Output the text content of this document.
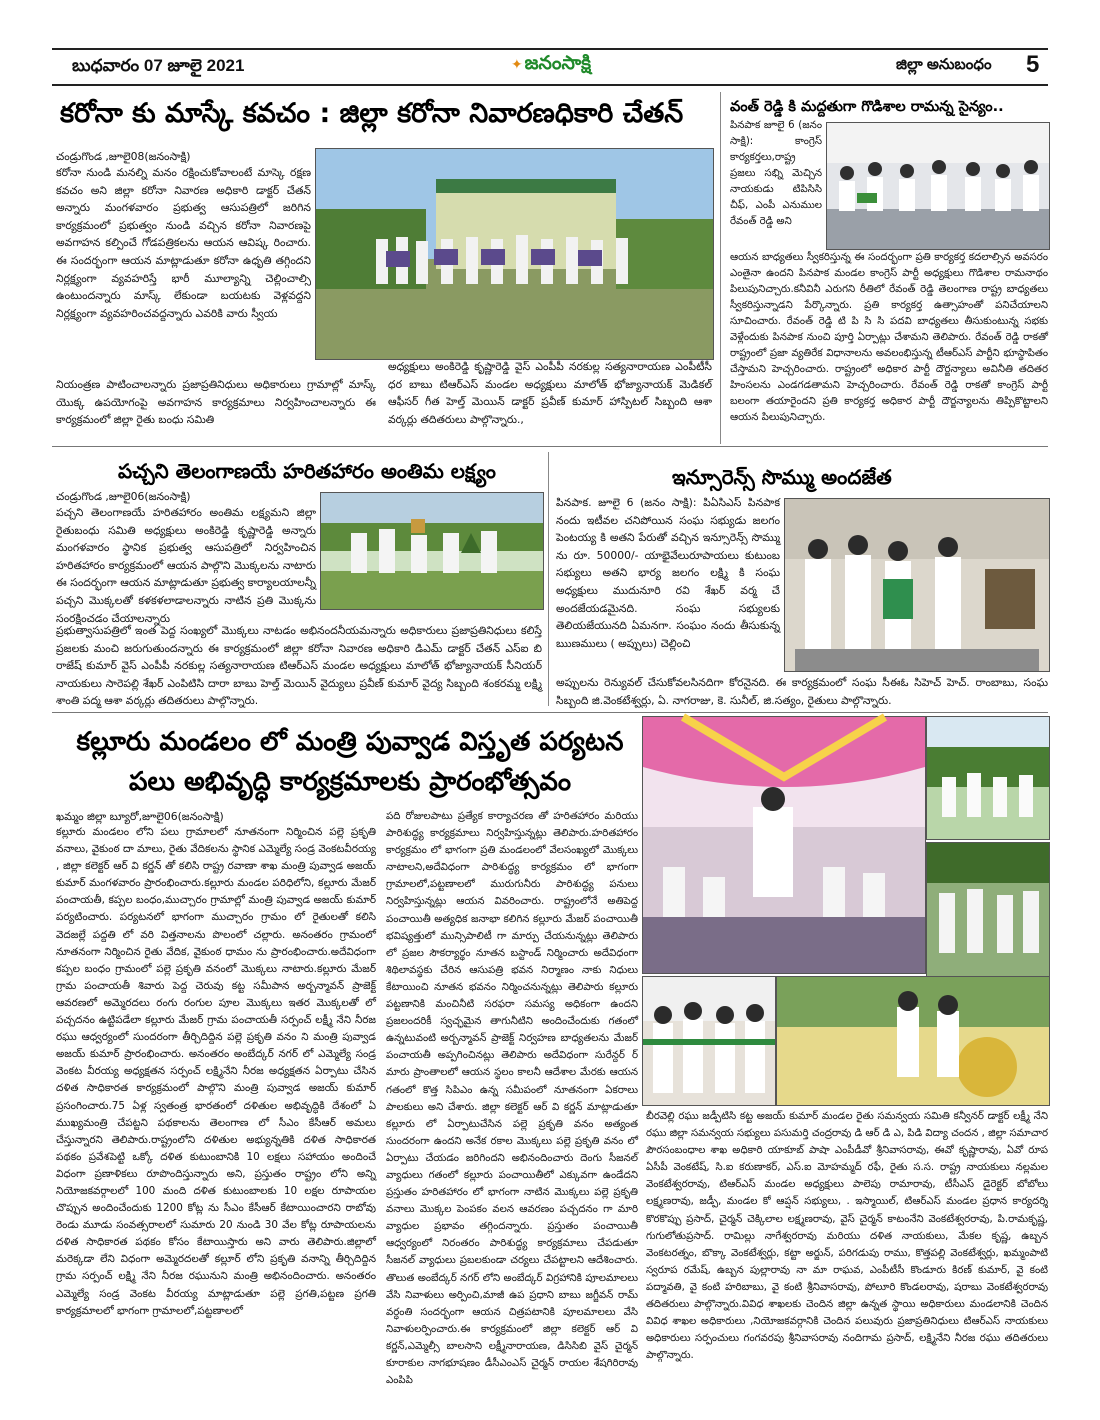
బుధవారం 07 జూలై 2021	✦ జనంసాక్షి	జిల్లా అనుబంధం 5
కరోనా కు మాస్కే కవచం : జిల్లా కరోనా నివారణధికారి చేతన్
చండ్రుగొండ ,జూలై08(జనంసాక్షి)
కరోనా నుండి మనల్ని మనం రక్షించుకోవాలంటే మాస్కె రక్షణ కవచం అని జిల్లా కరోనా నివారణ అధికారి డాక్టర్ చేతన్ అన్నారు మంగళవారం ప్రభుత్వ ఆసుపత్రిలో జరిగిన కార్యక్రమంలో ప్రభుత్వం నుండి వచ్చిన కరోనా నివారణపై అవగాహన కల్పించే గోడపత్రికలను ఆయన ఆవిష్క రించారు. ఈ సందర్భంగా ఆయన మాట్లాడుతూ కరోనా ఉధృతి తగ్గిందని నిర్లక్ష్యంగా వ్యవహరిస్తే భారీ మూల్యాన్ని చెల్లించాల్సి ఉంటుందన్నారు మాస్క్ లేకుండా బయటకు వెళ్లవద్దని నిర్లక్ష్యంగా వ్యవహరించవద్దన్నారు ఎవరికి వారు స్వీయ
నియంత్రణ పాటించాలన్నారు ప్రజాప్రతినిధులు అధికారులు గ్రామాల్లో మాస్క్ యొక్క ఉపయోగంపై అవగాహన కార్యక్రమాలు నిర్వహించాలన్నారు ఈ కార్యక్రమంలో జిల్లా రైతు బంధు సమితి
అధ్యక్షులు అంకిరెడ్డి కృష్ణారెడ్డి వైస్ ఎంపీపీ నరకుల్ల సత్యనారాయణ ఎంపీటీసీ ధర బాబు టిఆర్ఎస్ మండల అధ్యక్షులు మాలోత్ భోజ్యానాయక్ మెడికల్ ఆఫీసర్ గీత హెల్త్ మెయిన్ డాక్టర్ ప్రవీణ్ కుమార్ హాస్పిటల్ సిబ్బంది ఆశా వర్కర్లు తదితరులు పాల్గొన్నారు.,
వంత్ రెడ్డి కి మద్దతుగా గొడిశాల రామన్న సైన్యం..
పినపాక జూలై 6 (జనం సాక్షి): కాంగ్రెస్ కార్యకర్తలు,రాష్ట్ర ప్రజలు సభ్ని మెచ్చిన నాయకుడు టిపిసిసి చీఫ్, ఎంపీ ఎనుముల రేవంత్ రెడ్డి అని
ఆయన బాధ్యతలు స్వీకరిస్తున్న ఈ సందర్భంగా ప్రతి కార్యకర్త కదలాల్సిన అవసరం ఎంతైనా ఉందని పినపాక మండల కాంగ్రెస్ పార్టీ అధ్యక్షులు గొడిశాల రామనాథం పిలుపునిచ్చారు.కనీవినీ ఎరుగని రీతిలో రేవంత్ రెడ్డి తెలంగాణ రాష్ట్ర బాధ్యతలు స్వీకరిస్తున్నాడని పేర్కొన్నారు. ప్రతి కార్యకర్త ఉత్సాహంతో పనిచేయాలని సూచించారు. రేవంత్ రెడ్డి టి పి సి సి పదవి బాధ్యతలు తీసుకుంటున్న సభకు వెళ్లేందుకు పినపాక నుంచి పూర్తి ఏర్పాట్లు చేశామని తెలిపారు. రేవంత్ రెడ్డి రాకతో రాష్ట్రంలో ప్రజా వ్యతిరేక విధానాలను అవలంభిస్తున్న టీఆర్ఎస్ పార్టీని భూస్థాపితం చేస్తామని హెచ్చరించారు. రాష్ట్రంలో అధికార పార్టీ దౌర్జన్యాలు అవినీతి తదితర హింసలను ఎండగడతామని హెచ్చరించారు. రేవంత్ రెడ్డి రాకతో కాంగ్రెస్ పార్టీ బలంగా తయారైందని ప్రతి కార్యకర్త అధికార పార్టీ దౌర్జన్యాలను తిప్పికొట్టాలని ఆయన పిలుపునిచ్చారు.
పచ్చని తెలంగాణయే హరితహారం అంతిమ లక్ష్యం
చండ్రుగొండ ,జూలై06(జనంసాక్షి)
పచ్చని తెలంగాణయే హరితహారం అంతిమ లక్ష్యమని జిల్లా రైతుబంధు సమితి అధ్యక్షులు అంకిరెడ్డి కృష్ణారెడ్డి అన్నారు మంగళవారం స్థానిక ప్రభుత్వ ఆసుపత్రిలో నిర్వహించిన హరితహారం కార్యక్రమంలో ఆయన పాల్గొని మొక్కలను నాటారు ఈ సందర్భంగా ఆయన మాట్లాడుతూ ప్రభుత్వ కార్యాలయాలన్నీ పచ్చని మొక్కలతో కళకళలాడాలన్నారు నాటిన ప్రతి మొక్కను సంరక్షించడం చేయాలన్నారు
ప్రభుత్వాసుపత్రిలో ఇంత పెద్ద సంఖ్యలో మొక్కలు నాటడం అభినందనీయమన్నారు అధికారులు ప్రజాప్రతినిధులు కలిస్తే ప్రజలకు మంచి జరుగుతుందన్నారు ఈ కార్యక్రమంలో జిల్లా కరోనా నివారణ అధికారి డిఎమ్ డాక్టర్ చేతన్ ఎస్ఐ బి రాజేష్ కుమార్ వైస్ ఎంపీపీ నరకుల్ల సత్యనారాయణ టిఆర్ఎస్ మండల అధ్యక్షులు మాలోత్ భోజ్యానాయక్ సీనియర్ నాయకులు సారెపల్లి శేఖర్ ఎంపిటిసి దారా బాబు హెల్త్ మెయిన్ వైద్యులు ప్రవీణ్ కుమార్ వైద్య సిబ్బంది శంకరమ్మ లక్ష్మి శాంతి పద్మ ఆశా వర్కర్లు తదితరులు పాల్గొన్నారు.
ఇన్సూరెన్స్ సొమ్ము అందజేత
పినపాక. జూలై 6 (జనం సాక్షి): పిఏసిఎస్ పినపాక నందు ఇటీవల చనిపోయిన సంఘ సభ్యుడు జలగం పెంటయ్య కి అతని పేరుతో వచ్చిన ఇన్సూరెన్స్ సొమ్ము ను రూ. 50000/- యాభైవేలురూపాయలు కుటుంబ సభ్యులు అతని భార్య జలగం లక్ష్మి కి సంఘ అధ్యక్షులు ముదునూరి రవి శేఖర్ వర్మ చే అందజేయడమైనది. సంఘ సభ్యులకు తెలియజేయునది ఏమనగా. సంఘం నందు తీసుకున్న ఋణములు ( అప్పులు) చెల్లించి
అప్పులను రెన్యువల్ చేసుకోవలసినదిగా కోరనైనది. ఈ కార్యక్రమంలో సంఘ సీఈఓ సిహెచ్ హెచ్. రాంబాబు, సంఘ సిబ్బంది జి.వెంకటేశ్వర్లు, ఏ. నాగరాజు, కె. సునీల్, జి.సత్యం, రైతులు పాల్గొన్నారు.
కల్లూరు మండలం లో మంత్రి పువ్వాడ విస్తృత పర్యటన
పలు అభివృద్ధి కార్యక్రమాలకు ప్రారంభోత్సవం
ఖమ్మం జిల్లా బ్యూరో,జూలై06(జనంసాక్షి)
కల్లూరు మండలం లోని పలు గ్రామాలలో నూతనంగా నిర్మించిన పల్లె ప్రకృతి వనాలు, వైకుంఠ దా మాలు, రైతు వేదికలను స్థానిక ఎమ్మెల్యే సండ్ర వెంకటవీరయ్య , జిల్లా కలెక్టర్ ఆర్ వి కర్ణన్ తో కలిసి రాష్ట్ర రవాణా శాఖ మంత్రి పువ్వాడ అజయ్ కుమార్ మంగళవారం ప్రారంభించారు.కల్లూరు మండల పరిధిలోని, కల్లూరు మేజర్ పంచాయతీ, కప్పల బంధం,ముచ్చారం గ్రామాల్లో మంత్రి పువ్వాడ అజయ్ కుమార్ పర్యటించారు. పర్యటనలో భాగంగా ముచ్చారం గ్రామం లో రైతులతో కలిసి వెదజల్లే పద్దతి లో వరి విత్తనాలను పొలంలో చల్లారు. అనంతరం గ్రామంలో నూతనంగా నిర్మించిన రైతు వేదిక, వైకుంఠ ధామం ను ప్రారంభించారు.అదేవిధంగా కప్పల బంధం గ్రామంలో పల్లె ప్రకృతి వనంలో మొక్కలు నాటారు.కల్లూరు మేజర్ గ్రామ పంచాయతీ శివారు పెద్ద చెరువు కట్ట సమీపాన అర్బన్మావన్ ప్రాజెక్ట్ ఆవరణలో అమ్మెరదలు రంగు రంగుల పూల మొక్కలు ఇతర మొక్కలతో లో పచ్చదనం ఉట్టిపడేలా కల్లూరు మేజర్ గ్రామ పంచాయతీ సర్పంచ్ లక్ష్మీ నేని నీరజ రఘు ఆధ్వర్యంలో సుందరంగా తీర్చిదిద్దిన పల్లె ప్రకృతి వనం ని మంత్రి పువ్వాడ అజయ్ కుమార్ ప్రారంభించారు. అనంతరం అంబేద్కర్ నగర్ లో ఎమ్మెల్యే సండ్ర వెంకట వీరయ్య అధ్యక్షతన సర్పంచ్ లక్ష్మినేని నీరజ అధ్యక్షతన ఏర్పాటు చేసిన దళిత సాధికారత కార్యక్రమంలో పాల్గొని మంత్రి పువ్వాడ అజయ్ కుమార్ ప్రసంగించారు.75 ఏళ్ల స్వతంత్ర భారతంలో దళితుల అభివృద్ధికి దేశంలో ఏ ముఖ్యమంత్రి చేపట్టని పథకాలను తెలంగాణ లో సీఎం కేసీఆర్ అమలు చేస్తున్నారని తెలిపారు.రాష్ట్రంలోని దళితుల అభ్యున్నతికి దళిత సాధికారత పథకం ప్రవేశపెట్టి ఒక్కో దళిత కుటుంబానికి 10 లక్షలు సహాయం అందించే విధంగా ప్రణాళికలు రూపొందిస్తున్నారు అని, ప్రస్తుతం రాష్ట్రం లోని అన్ని నియోజకవర్గాలలో 100 మంది దళిత కుటుంబాలకు 10 లక్షల రూపాయల చొప్పున అందించేందుకు 1200 కోట్ల ను సీఎం కేసీఆర్ కేటాయించారని రాబోవు రెండు మూడు సంవత్సరాలలో సుమారు 20 నుండి 30 వేల కోట్ల రూపాయలను దళిత సాధికారత పథకం కోసం కేటాయిస్తారు అని వారు తెలిపారు.జిల్లాలో మరెక్కడా లేని విధంగా అమ్మెరదలతో కల్లూర్ లోని ప్రకృతి వనాన్ని తీర్చిదిద్దిన గ్రామ సర్పంచ్ లక్ష్మి నేని నీరజ రఘునుని మంత్రి అభినందించారు. అనంతరం ఎమ్మెల్యే సండ్ర వెంకట వీరయ్య మాట్లాడుతూ పల్లె ప్రగతి,పట్టణ ప్రగతి కార్యక్రమాలలో భాగంగా గ్రామాలలో,పట్టణాలలో
పది రోజులపాటు ప్రత్యేక కార్యాచరణ తో హరితహారం మరియు పారిశుద్ధ్య కార్యక్రమాలు నిర్వహిస్తున్నట్లు తెలిపారు.హరితహారం కార్యక్రమం లో భాగంగా ప్రతి మండలంలో వేలసంఖ్యలో మొక్కలు నాటాలని,అదేవిధంగా పారిశుద్ధ్య కార్యక్రమం లో భాగంగా గ్రామాలలో,పట్టణాలలో మురుగునీరు పారిశుద్ధ్య పనులు నిర్వహిస్తున్నట్లు ఆయన వివరించారు. రాష్ట్రంలోనే అతిపెద్ద పంచాయితీ అత్యధిక జనాభా కలిగిన కల్లూరు మేజర్ పంచాయితీ భవిష్యత్తులో మున్సిపాలిటీ గా మార్పు చేయనున్నట్లు తెలిపారు లో ప్రజల సౌకర్యార్థం నూతన బస్టాండ్ నిర్మించారు అదేవిధంగా శిథిలావస్థకు చేరిన ఆసుపత్రి భవన నిర్మాణం నాకు నిధులు కేటాయించి నూతన భవనం నిర్మించనున్నట్లు తెలిపారు కల్లూరు పట్టణానికి మంచినీటి సరఫరా సమస్య అధికంగా ఉందని ప్రజలందరికీ స్వచ్ఛమైన తాగునీటిని అందించేందుకు గతంలో ఉన్నటువంటి అర్బన్మావన్ ప్రాజెక్ట్ నిర్వహణ బాధ్యతలను మేజర్ పంచాయతీ అప్పగించినట్లు తెలిపారు అదేవిధంగా సురేన్దర్ ర్ మారు ప్రాంతాలలో ఆయన స్థలం కాలనీ ఆదేశాల మేరకు ఆయన గతంలో కొత్త సిపిఎం ఉన్న సమీపంలో నూతనంగా ఏకరాలు పాలకులు అని చేశారు. జిల్లా కలెక్టర్ ఆర్ వి కర్ణన్ మాట్లాడుతూ కల్లూరు లో ఏర్పాటుచేసిన పల్లె ప్రకృతి వనం అత్యంత సుందరంగా ఉందని అనేక రకాల మొక్కలు పల్లె ప్రకృతి వనం లో ఏర్పాటు చేయడం జరిగిందని అభినందించారు దెంగు సీజనల్ వ్యాధులు గతంలో కల్లూరు పంచాయితీలో ఎక్కువగా ఉండేదని ప్రస్తుతం హరితహారం లో భాగంగా నాటిన మొక్కలు పల్లె ప్రకృతి వనాలు మొక్కల పెంపకం వలన ఆవరణం పచ్చదనం గా మారి వ్యాధుల ప్రభావం తగ్గిందన్నారు. ప్రస్తుతం పంచాయితీ ఆధ్వర్యంలో నిరంతరం పారిశుద్ధ్య కార్యక్రమాలు చేపడుతూ సీజనల్ వ్యాధులు ప్రబలకుండా చర్యలు చేపట్టాలని ఆదేశించారు. తొలుత అంబేద్కర్ నగర్ లోని అంబేద్కర్ విగ్రహానికి పూలమాలలు వేసి నివాళులు అర్పించి,మాజీ ఉప ప్రధాని బాబు జగ్జీవన్ రామ్ వర్ధంతి సందర్భంగా ఆయన చిత్రపటానికి పూలమాలలు వేసి నివాళులర్పించారు.ఈ కార్యక్రమంలో జిల్లా కలెక్టర్ ఆర్ వి కర్ణన్,ఎమ్మెల్సీ బాలసాని లక్ష్మీనారాయణ, డిసిసిబి వైస్ చైర్మన్ కూరాకుల నాగభూషణం డీసీఎంఎస్ చైర్మన్ రాయల శేషగిరిరావు ఎంపిపి
బీరవెల్లి రఘు జడ్పీటిసి కట్ట అజయ్ కుమార్ మండల రైతు సమన్వయ సమితి కన్వీనర్ డాక్టర్ లక్ష్మీ నేని రఘు జిల్లా సమన్వయ సభ్యులు పసుమర్తి చంద్రరావు డి ఆర్ డి ఎ, పిడి విద్యా చందన , జిల్లా సమాచార పౌరసంబంధాల శాఖ అధికారి యాకూబ్ పాషా ఎంపీడీవో శ్రీనివాసరావు, ఈవో కృష్ణారావు, ఏవో రూప ఏసీపీ వెంకటేష్, సి.ఐ కరుణాకర్, ఎస్.ఐ మోహమ్మద్ రఫీ, రైతు స.స. రాష్ట్ర నాయకులు నల్లమల వెంకటేశ్వరరావు, టిఆర్ఎస్ మండల అధ్యక్షులు పాలెపు రామారావు, టీసీఎస్ డైరెక్టర్ బోబోలు లక్ష్మణరావు, జడ్పీ, మండల కో ఆప్షన్ సభ్యులు, . ఇస్మాయిల్, టిఆర్ఎస్ మండల ప్రధాన కార్యదర్శి కొరకొప్పు ప్రసాద్, చైర్మన్ చెక్కిలాల లక్ష్మణరావు, వైస్ చైర్మన్ కాటంనేని వెంకటేశ్వరరావు, పి.రామకృష్ణ, గుగులోతుప్రసాద్. రామిల్లు నాగేశ్వరరావు మరియు దళిత నాయకులు, మేకల కృష్ణ, ఉబ్బన వెంకటరత్నం, బొక్కా వెంకటేశ్వర్లు, కట్టా అర్జున్, పరిగడుపు రాము, కొత్తపల్లి వెంకటేశ్వర్లు, ఖమ్మంపాటి స్వరూప రమేష్, ఉబ్బన పుల్లారావు నా మా రాఘవ, ఎంపీటీసీ కొండూరు కిరణ్ కుమార్, వై కంటి పద్మావతి, వై కంటి హరిబాబు, వై కంటి శ్రీనివాసరావు, పోలూరి కొండలరావు, షరాబు వెంకటేశ్వరరావు తదితరులు పాల్గొన్నారు.వివిధ శాఖలకు చెందిన జిల్లా ఉన్నత స్థాయి అధికారులు మండలానికి చెందిన వివిధ శాఖల అధికారులు ,నియోజకవర్గానికి చెందిన పలువురు ప్రజాప్రతినిధులు టిఆర్ఎస్ నాయకులు అధికారులు సర్పంచులు గంగవరపు శ్రీనివాసరావు నందిగామ ప్రసాద్, లక్ష్మినేని నీరజ రఘు తదితరులు పాల్గొన్నారు.
